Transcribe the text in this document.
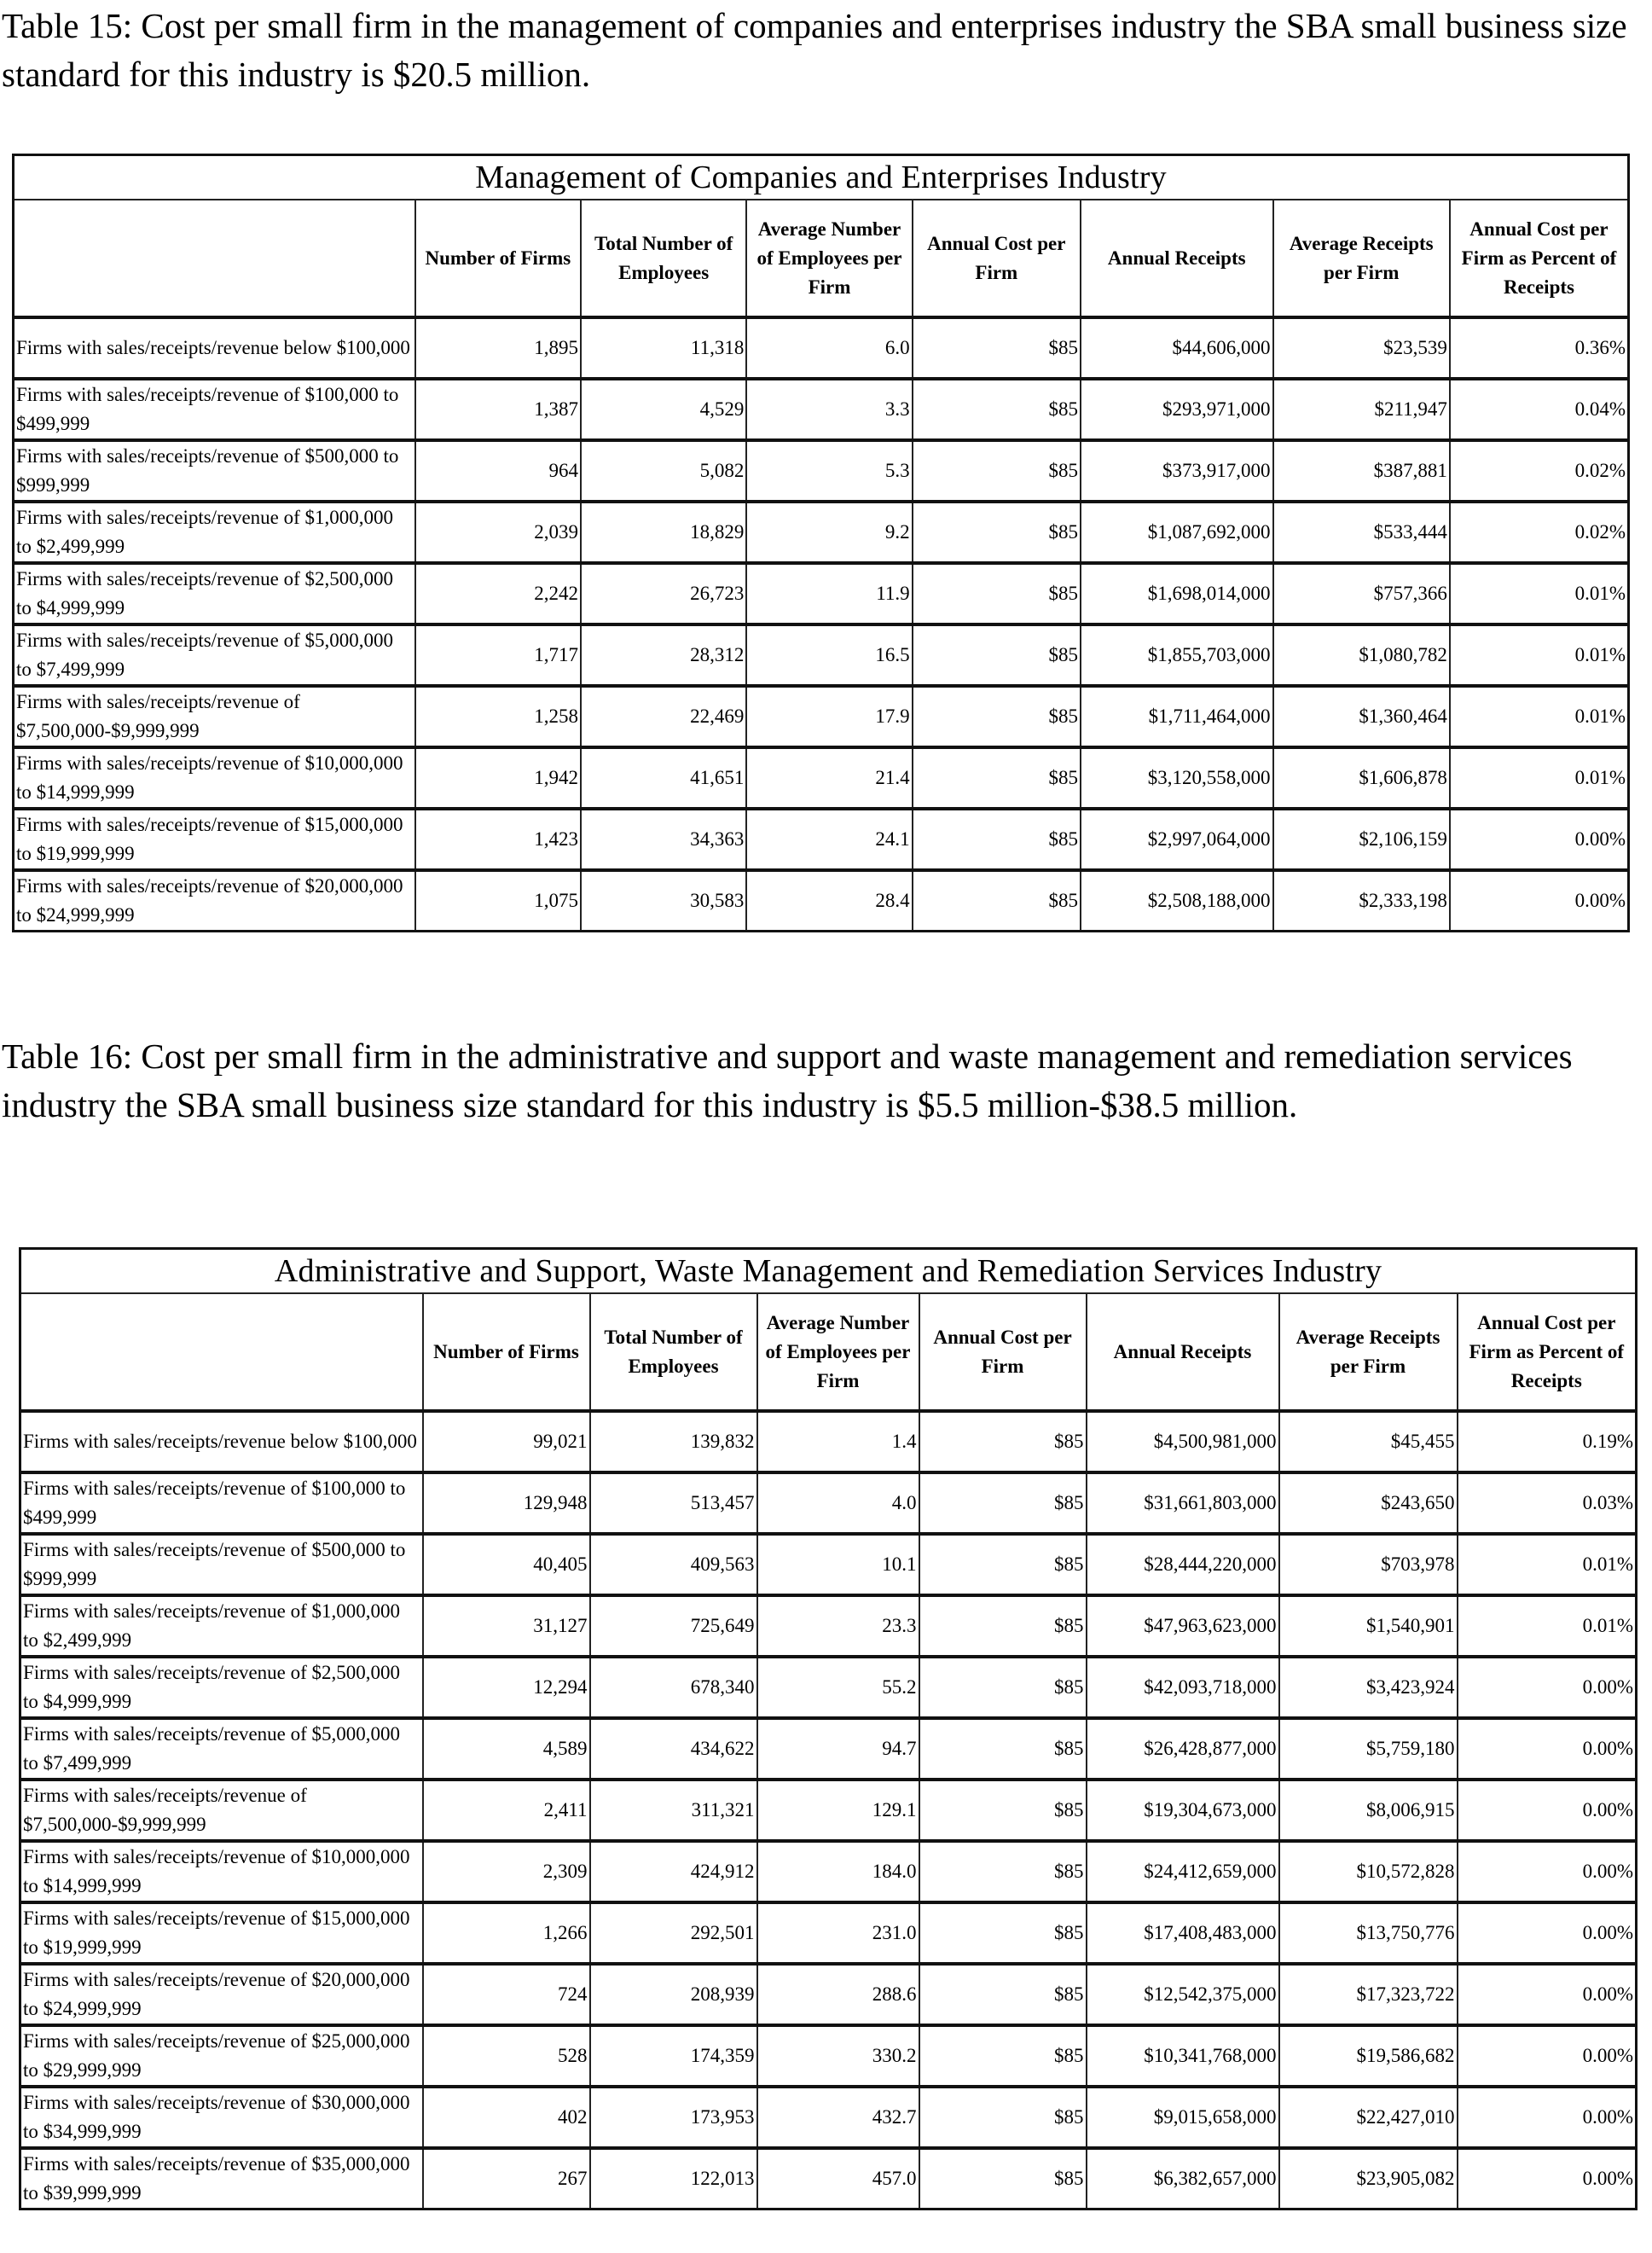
Table 15: Cost per small firm in the management of companies and enterprises industry the SBA small business size standard for this industry is $20.5 million.

Management of Companies and Enterprises Industry							
	Number of Firms	Total Number of Employees	Average Number of Employees per Firm	Annual Cost per Firm	Annual Receipts	Average Receipts per Firm	Annual Cost per Firm as Percent of Receipts
Firms with sales/receipts/revenue below $100,000	1,895	11,318	6.0	$85	$44,606,000	$23,539	0.36%
Firms with sales/receipts/revenue of $100,000 to $499,999	1,387	4,529	3.3	$85	$293,971,000	$211,947	0.04%
Firms with sales/receipts/revenue of $500,000 to $999,999	964	5,082	5.3	$85	$373,917,000	$387,881	0.02%
Firms with sales/receipts/revenue of $1,000,000 to $2,499,999	2,039	18,829	9.2	$85	$1,087,692,000	$533,444	0.02%
Firms with sales/receipts/revenue of $2,500,000 to $4,999,999	2,242	26,723	11.9	$85	$1,698,014,000	$757,366	0.01%
Firms with sales/receipts/revenue of $5,000,000 to $7,499,999	1,717	28,312	16.5	$85	$1,855,703,000	$1,080,782	0.01%
Firms with sales/receipts/revenue of $7,500,000-$9,999,999	1,258	22,469	17.9	$85	$1,711,464,000	$1,360,464	0.01%
Firms with sales/receipts/revenue of $10,000,000 to $14,999,999	1,942	41,651	21.4	$85	$3,120,558,000	$1,606,878	0.01%
Firms with sales/receipts/revenue of $15,000,000 to $19,999,999	1,423	34,363	24.1	$85	$2,997,064,000	$2,106,159	0.00%
Firms with sales/receipts/revenue of $20,000,000 to $24,999,999	1,075	30,583	28.4	$85	$2,508,188,000	$2,333,198	0.00%

Table 16: Cost per small firm in the administrative and support and waste management and remediation services industry the SBA small business size standard for this industry is $5.5 million-$38.5 million.

Administrative and Support, Waste Management and Remediation Services Industry							
	Number of Firms	Total Number of Employees	Average Number of Employees per Firm	Annual Cost per Firm	Annual Receipts	Average Receipts per Firm	Annual Cost per Firm as Percent of Receipts
Firms with sales/receipts/revenue below $100,000	99,021	139,832	1.4	$85	$4,500,981,000	$45,455	0.19%
Firms with sales/receipts/revenue of $100,000 to $499,999	129,948	513,457	4.0	$85	$31,661,803,000	$243,650	0.03%
Firms with sales/receipts/revenue of $500,000 to $999,999	40,405	409,563	10.1	$85	$28,444,220,000	$703,978	0.01%
Firms with sales/receipts/revenue of $1,000,000 to $2,499,999	31,127	725,649	23.3	$85	$47,963,623,000	$1,540,901	0.01%
Firms with sales/receipts/revenue of $2,500,000 to $4,999,999	12,294	678,340	55.2	$85	$42,093,718,000	$3,423,924	0.00%
Firms with sales/receipts/revenue of $5,000,000 to $7,499,999	4,589	434,622	94.7	$85	$26,428,877,000	$5,759,180	0.00%
Firms with sales/receipts/revenue of $7,500,000-$9,999,999	2,411	311,321	129.1	$85	$19,304,673,000	$8,006,915	0.00%
Firms with sales/receipts/revenue of $10,000,000 to $14,999,999	2,309	424,912	184.0	$85	$24,412,659,000	$10,572,828	0.00%
Firms with sales/receipts/revenue of $15,000,000 to $19,999,999	1,266	292,501	231.0	$85	$17,408,483,000	$13,750,776	0.00%
Firms with sales/receipts/revenue of $20,000,000 to $24,999,999	724	208,939	288.6	$85	$12,542,375,000	$17,323,722	0.00%
Firms with sales/receipts/revenue of $25,000,000 to $29,999,999	528	174,359	330.2	$85	$10,341,768,000	$19,586,682	0.00%
Firms with sales/receipts/revenue of $30,000,000 to $34,999,999	402	173,953	432.7	$85	$9,015,658,000	$22,427,010	0.00%
Firms with sales/receipts/revenue of $35,000,000 to $39,999,999	267	122,013	457.0	$85	$6,382,657,000	$23,905,082	0.00%
